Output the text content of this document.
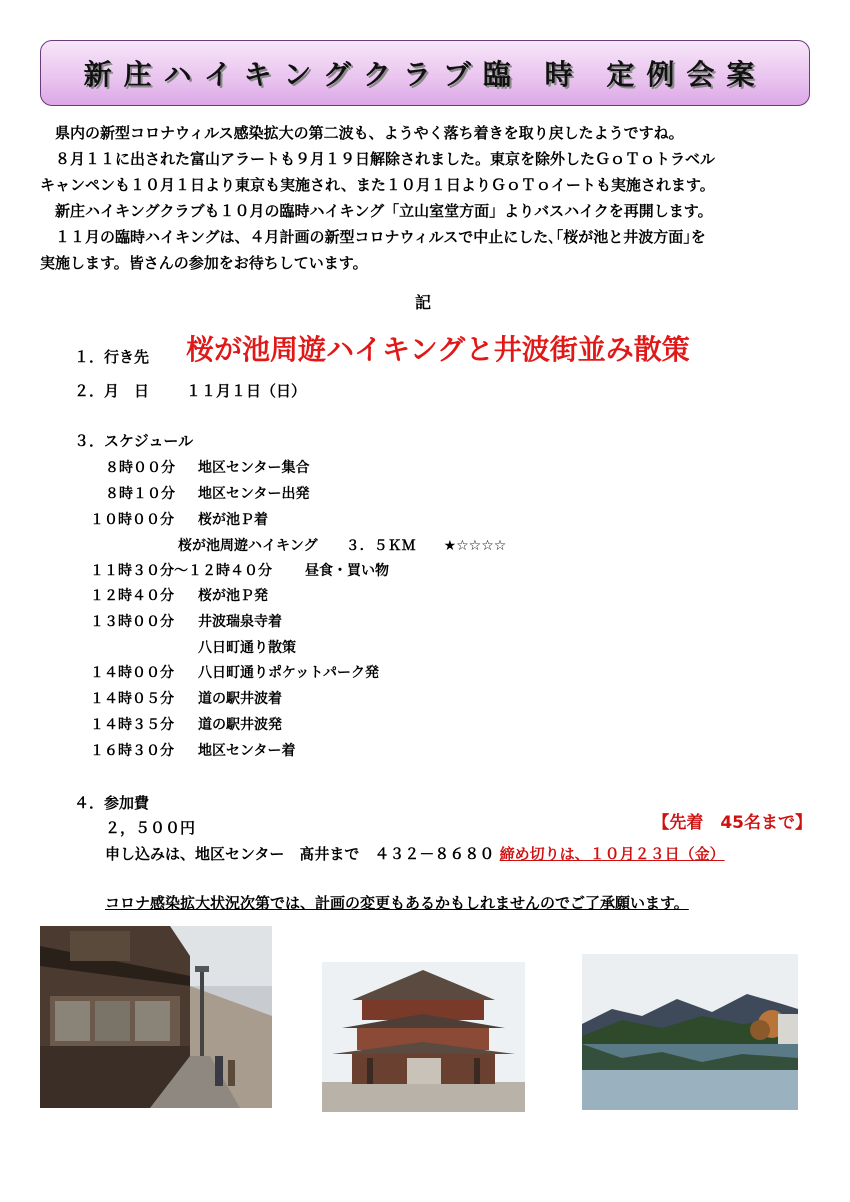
新庄ハイキングクラブ臨 時 定例会案

県内の新型コロナウィルス感染拡大の第二波も、ようやく落ち着きを取り戻したようですね。

８月１１に出された富山アラートも９月１９日解除されました。東京を除外したＧｏＴｏトラベル

キャンペンも１０月１日より東京も実施され、また１０月１日よりＧｏＴｏイートも実施されます。

新庄ハイキングクラブも１０月の臨時ハイキング「立山室堂方面」よりバスハイクを再開します。

１１月の臨時ハイキングは、４月計画の新型コロナウィルスで中止にした､｢桜が池と井波方面｣を

実施します。皆さんの参加をお待ちしています。

記
１．行き先 桜が池周遊ハイキングと井波街並み散策
２．月　日 １１月１日（日）
３．スケジュール
８時００分 地区センター集合
８時１０分 地区センター出発
１０時００分 桜が池Ｐ着
桜が池周遊ハイキング　　３．５ＫＭ　　★☆☆☆☆
１１時３０分～１２時４０分 昼食・買い物
１２時４０分 桜が池Ｐ発
１３時００分 井波瑞泉寺着
八日町通り散策
１４時００分 八日町通りポケットパーク発
１４時０５分 道の駅井波着
１４時３５分 道の駅井波発
１６時３０分 地区センター着
４．参加費
２，５００円	【先着　45名まで】
申し込みは、地区センター　髙井まで　４３２－８６８０ 締め切りは、１０月２３日（金）
コロナ感染拡大状況次第では、計画の変更もあるかもしれませんのでご了承願います。
